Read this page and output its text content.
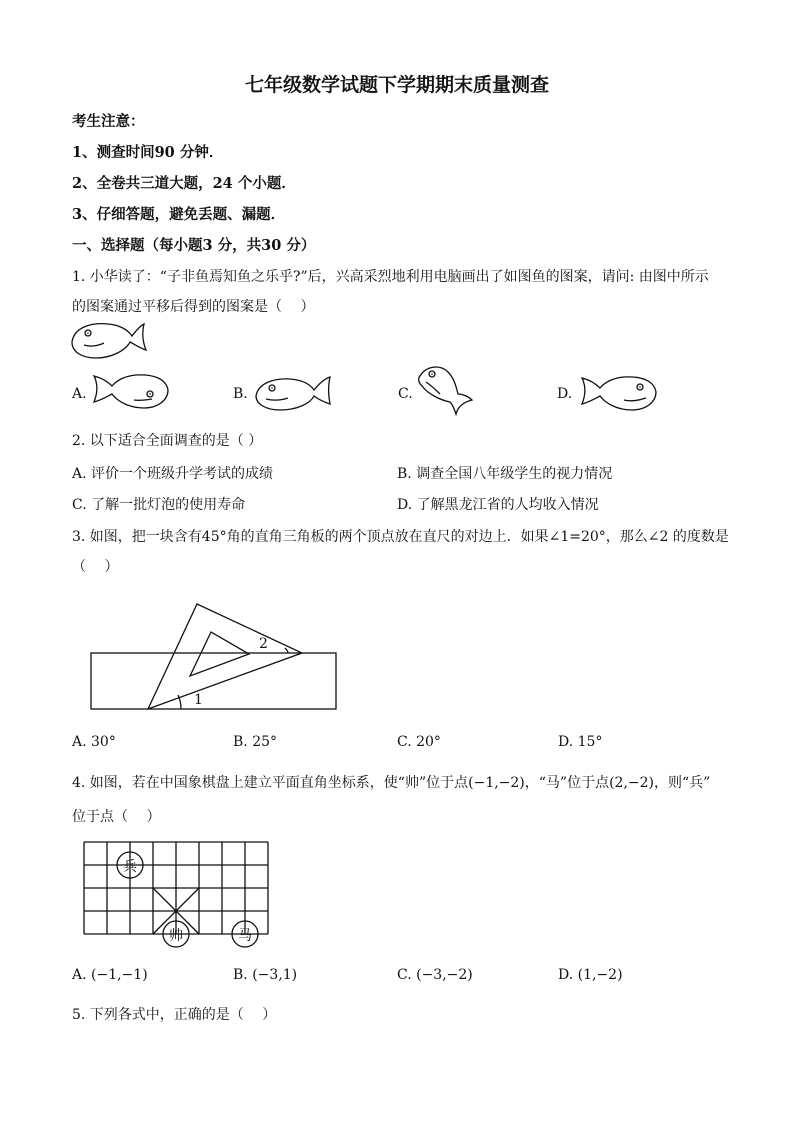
七年级数学试题下学期期末质量测查
考生注意：
1、测查时间90 分钟．
2、全卷共三道大题，24 个小题．
3、仔细答题，避免丢题、漏题．
一、选择题（每小题3 分，共30 分）
1. 小华读了：“子非鱼焉知鱼之乐乎?”后，兴高采烈地利用电脑画出了如图鱼的图案，请问: 由图中所示
的图案通过平移后得到的图案是（　 ）
A.	B.	C.	D.
2. 以下适合全面调查的是（ ）
A. 评价一个班级升学考试的成绩	B. 调查全国八年级学生的视力情况
C. 了解一批灯泡的使用寿命	D. 了解黑龙江省的人均收入情况
3. 如图，把一块含有45°角的直角三角板的两个顶点放在直尺的对边上．如果∠1=20°，那么∠2 的度数是
（　 ）
2
1
A. 30°	B. 25°	C. 20°	D. 15°
4. 如图，若在中国象棋盘上建立平面直角坐标系，使“帅”位于点(−1,−2)，“马”位于点(2,−2)，则“兵”
位于点（　 ）
兵
帅	马
A. (−1,−1)	B. (−3,1)	C. (−3,−2)	D. (1,−2)
5. 下列各式中，正确的是（　 ）
